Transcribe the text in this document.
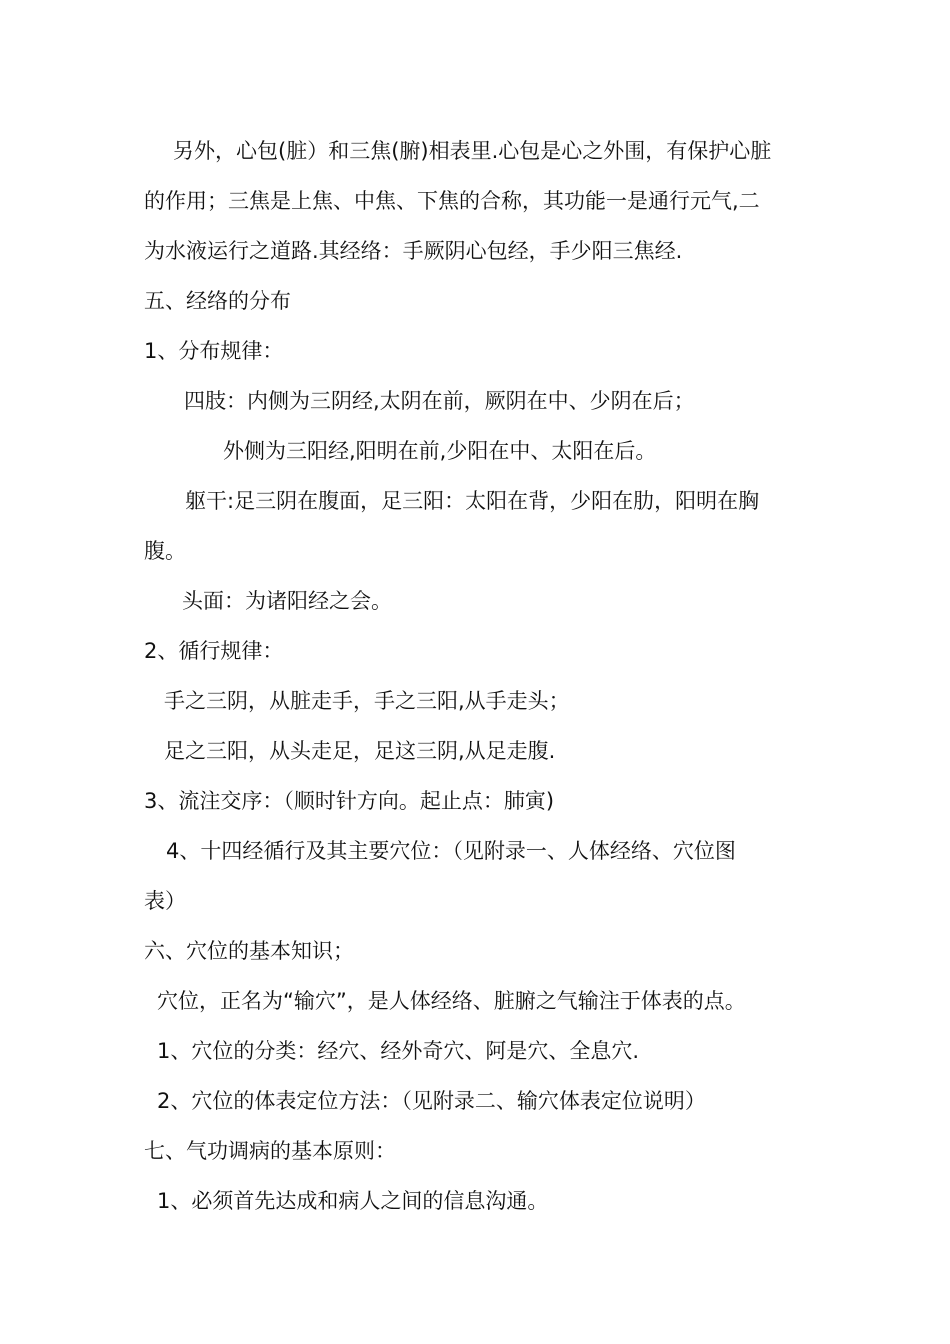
另外，心包(脏）和三焦(腑)相表里.心包是心之外围，有保护心脏
的作用；三焦是上焦、中焦、下焦的合称，其功能一是通行元气,二
为水液运行之道路.其经络：手厥阴心包经，手少阳三焦经.
五、经络的分布
1、分布规律：
四肢：内侧为三阴经,太阴在前，厥阴在中、少阴在后；
外侧为三阳经,阳明在前,少阳在中、太阳在后。
躯干:足三阴在腹面，足三阳：太阳在背，少阳在肋，阳明在胸
腹。
头面：为诸阳经之会。
2、循行规律：
手之三阴，从脏走手，手之三阳,从手走头；
足之三阳，从头走足，足这三阴,从足走腹.
3、流注交序：（顺时针方向。起止点：肺寅)
4、十四经循行及其主要穴位：（见附录一、人体经络、穴位图
表）
六、穴位的基本知识；
穴位，正名为“输穴”，是人体经络、脏腑之气输注于体表的点。
1、穴位的分类：经穴、经外奇穴、阿是穴、全息穴.
2、穴位的体表定位方法：（见附录二、输穴体表定位说明）
七、气功调病的基本原则：
1、必须首先达成和病人之间的信息沟通。
